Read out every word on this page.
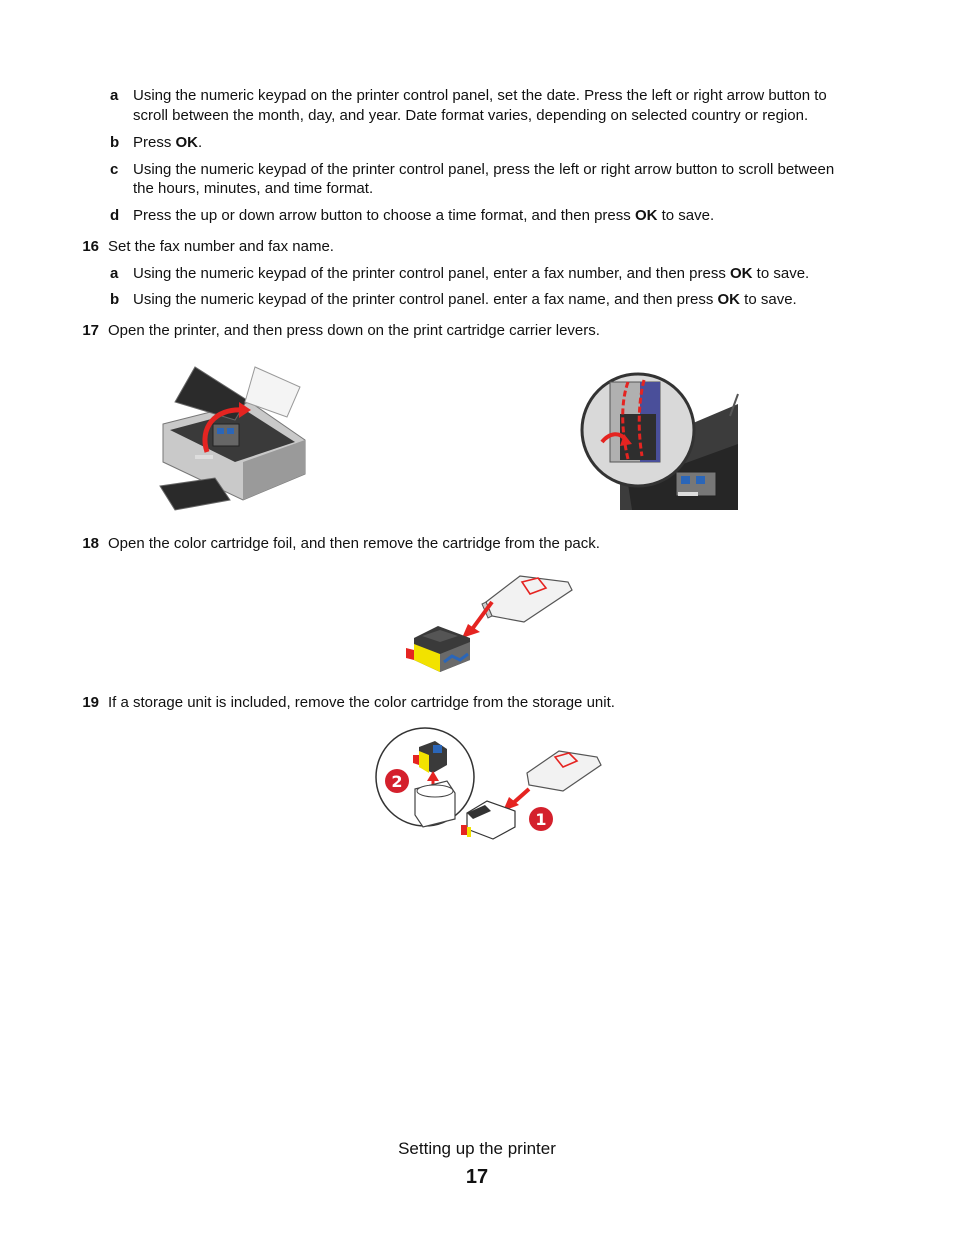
a Using the numeric keypad on the printer control panel, set the date. Press the left or right arrow button to
scroll between the month, day, and year. Date format varies, depending on selected country or region.
b Press OK.
c Using the numeric keypad of the printer control panel, press the left or right arrow button to scroll between
the hours, minutes, and time format.
d Press the up or down arrow button to choose a time format, and then press OK to save.
16 Set the fax number and fax name.
a Using the numeric keypad of the printer control panel, enter a fax number, and then press OK to save.
b Using the numeric keypad of the printer control panel. enter a fax name, and then press OK to save.
17 Open the printer, and then press down on the print cartridge carrier levers.
18 Open the color cartridge foil, and then remove the cartridge from the pack.
19 If a storage unit is included, remove the color cartridge from the storage unit.
2
1
Setting up the printer
17
